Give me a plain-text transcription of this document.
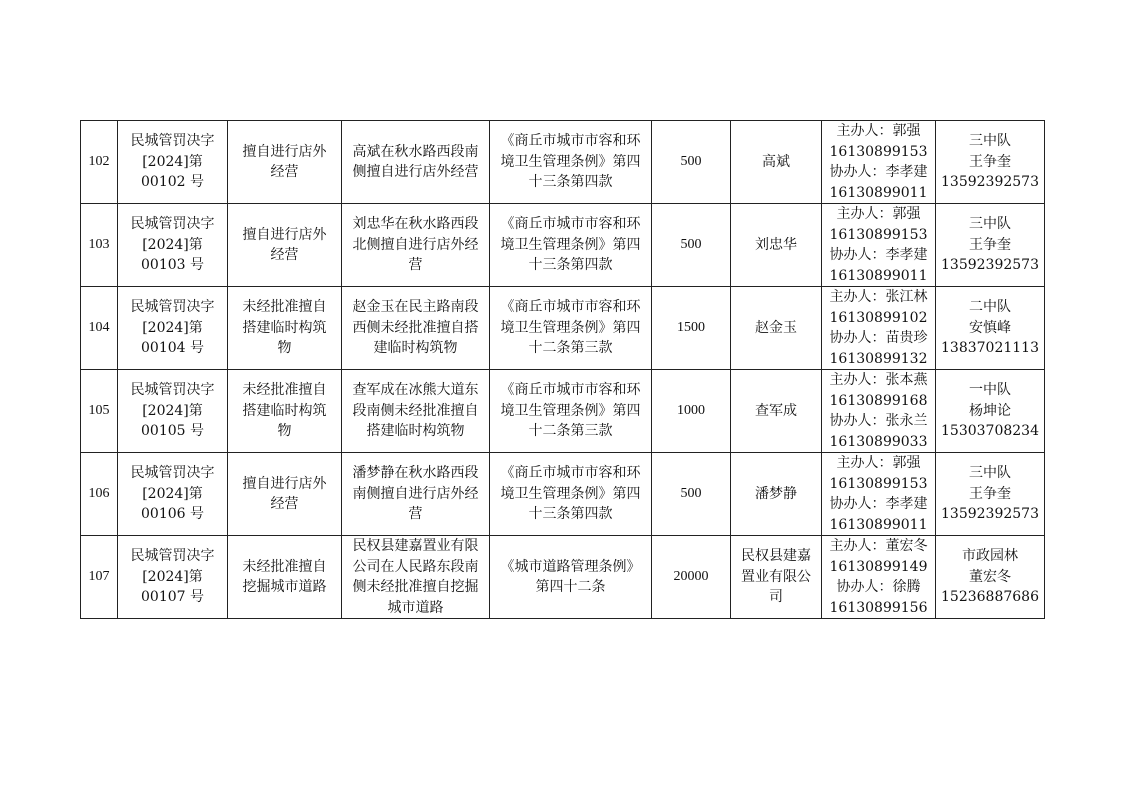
102	民城管罚决字
[2024]第
00102 号	擅自进行店外
经营	高斌在秋水路西段南
侧擅自进行店外经营	《商丘市城市市容和环
境卫生管理条例》第四
十三条第四款	500	高斌	主办人：郭强
16130899153
协办人：李孝建
16130899011	三中队
王争奎
13592392573
103	民城管罚决字
[2024]第
00103 号	擅自进行店外
经营	刘忠华在秋水路西段
北侧擅自进行店外经
营	《商丘市城市市容和环
境卫生管理条例》第四
十三条第四款	500	刘忠华	主办人：郭强
16130899153
协办人：李孝建
16130899011	三中队
王争奎
13592392573
104	民城管罚决字
[2024]第
00104 号	未经批准擅自
搭建临时构筑
物	赵金玉在民主路南段
西侧未经批准擅自搭
建临时构筑物	《商丘市城市市容和环
境卫生管理条例》第四
十二条第三款	1500	赵金玉	主办人：张江林
16130899102
协办人：苗贵珍
16130899132	二中队
安慎峰
13837021113
105	民城管罚决字
[2024]第
00105 号	未经批准擅自
搭建临时构筑
物	查军成在冰熊大道东
段南侧未经批准擅自
搭建临时构筑物	《商丘市城市市容和环
境卫生管理条例》第四
十二条第三款	1000	查军成	主办人：张本燕
16130899168
协办人：张永兰
16130899033	一中队
杨坤论
15303708234
106	民城管罚决字
[2024]第
00106 号	擅自进行店外
经营	潘梦静在秋水路西段
南侧擅自进行店外经
营	《商丘市城市市容和环
境卫生管理条例》第四
十三条第四款	500	潘梦静	主办人：郭强
16130899153
协办人：李孝建
16130899011	三中队
王争奎
13592392573
107	民城管罚决字
[2024]第
00107 号	未经批准擅自
挖掘城市道路	民权县建嘉置业有限
公司在人民路东段南
侧未经批准擅自挖掘
城市道路	《城市道路管理条例》
第四十二条	20000	民权县建嘉
置业有限公
司	主办人：董宏冬
16130899149
协办人：徐腾
16130899156	市政园林
董宏冬
15236887686
